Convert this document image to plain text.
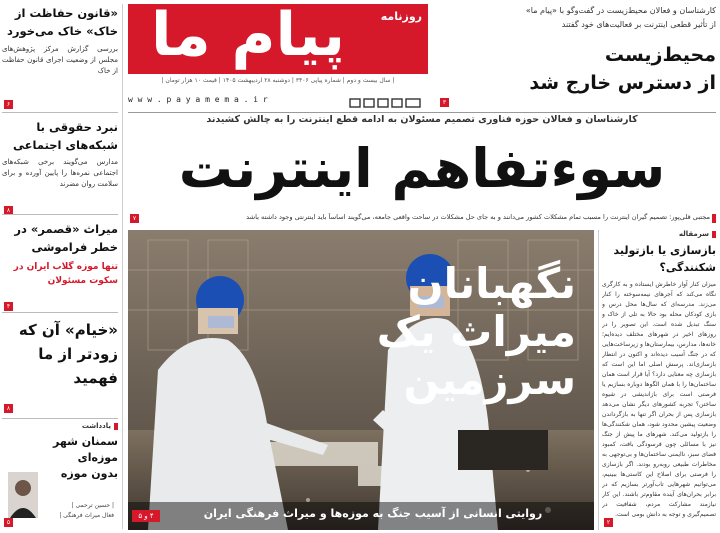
پیام ما	روزنامه
| سال بیست و دوم | شماره پیاپی ۳۴۰۶ | دوشنبه ۲۸ اردیبهشت ۱۴۰۵ | قیمت ۱۰ هزار تومان |
w w w . p a y a m e m a . i r
کارشناسان و فعالان محیط‌زیست در گفت‌وگو با «پیام ما»
از تأثیر قطعی اینترنت بر فعالیت‌های خود گفتند
محیط‌زیست
از دسترس خارج شد
۳
«قانون حفاظت از خاک» خاک می‌خورد
بررسی گزارش مرکز پژوهش‌های مجلس از وضعیت اجرای قانون حفاظت از خاک
۶
نبرد حقوقی با شبکه‌های اجتماعی
مدارس می‌گویند برخی شبکه‌های اجتماعی نمره‌ها را پایین آورده و برای سلامت روان مضرند
۸
میراث «قصمر» در خطر فراموشی
تنها موزه گلاب ایران در سکوت مسئولان
۴
«خیام» آن که زودتر از ما فهمید
۸
یادداشت
سمنان شهر موزه‌ای بدون موزه
| حسین ترحمی |
فعال میراث فرهنگی |
۵
کارشناسان و فعالان حوزه فناوری تصمیم مسئولان به ادامه قطع اینترنت را به چالش کشیدند
سوءتفاهم اینترنت
مجتبی قلی‌پور: تصمیم گیران اینترنت را مسبب تمام مشکلات کشور می‌دانند و به جای حل مشکلات در ساحت واقعی جامعه، می‌گویند اساساً باید اینترنتی وجود داشته باشد
۷
نگهبانان
میراث یک
سرزمین
روایتی انسانی از آسیب جنگ به موزه‌ها و میراث فرهنگی ایران
۴ و ۵
سرمقاله
بازسازی یا بازتولید شکنندگی؟
میزان کنار آوار خاطرش ایستاده و به کارگری نگاه می‌کند که آجرهای نیمه‌سوخته را کنار می‌زند. مدرسه‌ای که سال‌ها محل درس و بازی کودکان محله بود حالا به تلی از خاک و سنگ تبدیل شده است. این تصویر را در روزهای اخیر در شهرهای مختلف دیده‌ایم؛ خانه‌ها، مدارس، بیمارستان‌ها و زیرساخت‌هایی که در جنگ آسیب دیده‌اند و اکنون در انتظار بازسازی‌اند. پرسش اصلی اما این است که بازسازی چه معنایی دارد؟ آیا قرار است همان ساختمان‌ها را با همان الگوها دوباره بسازیم یا فرصتی است برای بازاندیشی در شیوه ساختن؟ تجربه کشورهای دیگر نشان می‌دهد بازسازی پس از بحران اگر تنها به بازگرداندن وضعیت پیشین محدود شود، همان شکنندگی‌ها را بازتولید می‌کند. شهرهای ما پیش از جنگ نیز با مسائلی چون فرسودگی بافت، کمبود فضای سبز، ناایمنی ساختمان‌ها و بی‌توجهی به مخاطرات طبیعی روبه‌رو بودند. اگر بازسازی را فرصتی برای اصلاح این کاستی‌ها ببینیم، می‌توانیم شهرهایی تاب‌آورتر بسازیم که در برابر بحران‌های آینده مقاوم‌تر باشند. این کار نیازمند مشارکت مردم، شفافیت در تصمیم‌گیری و توجه به دانش بومی است.
۲
